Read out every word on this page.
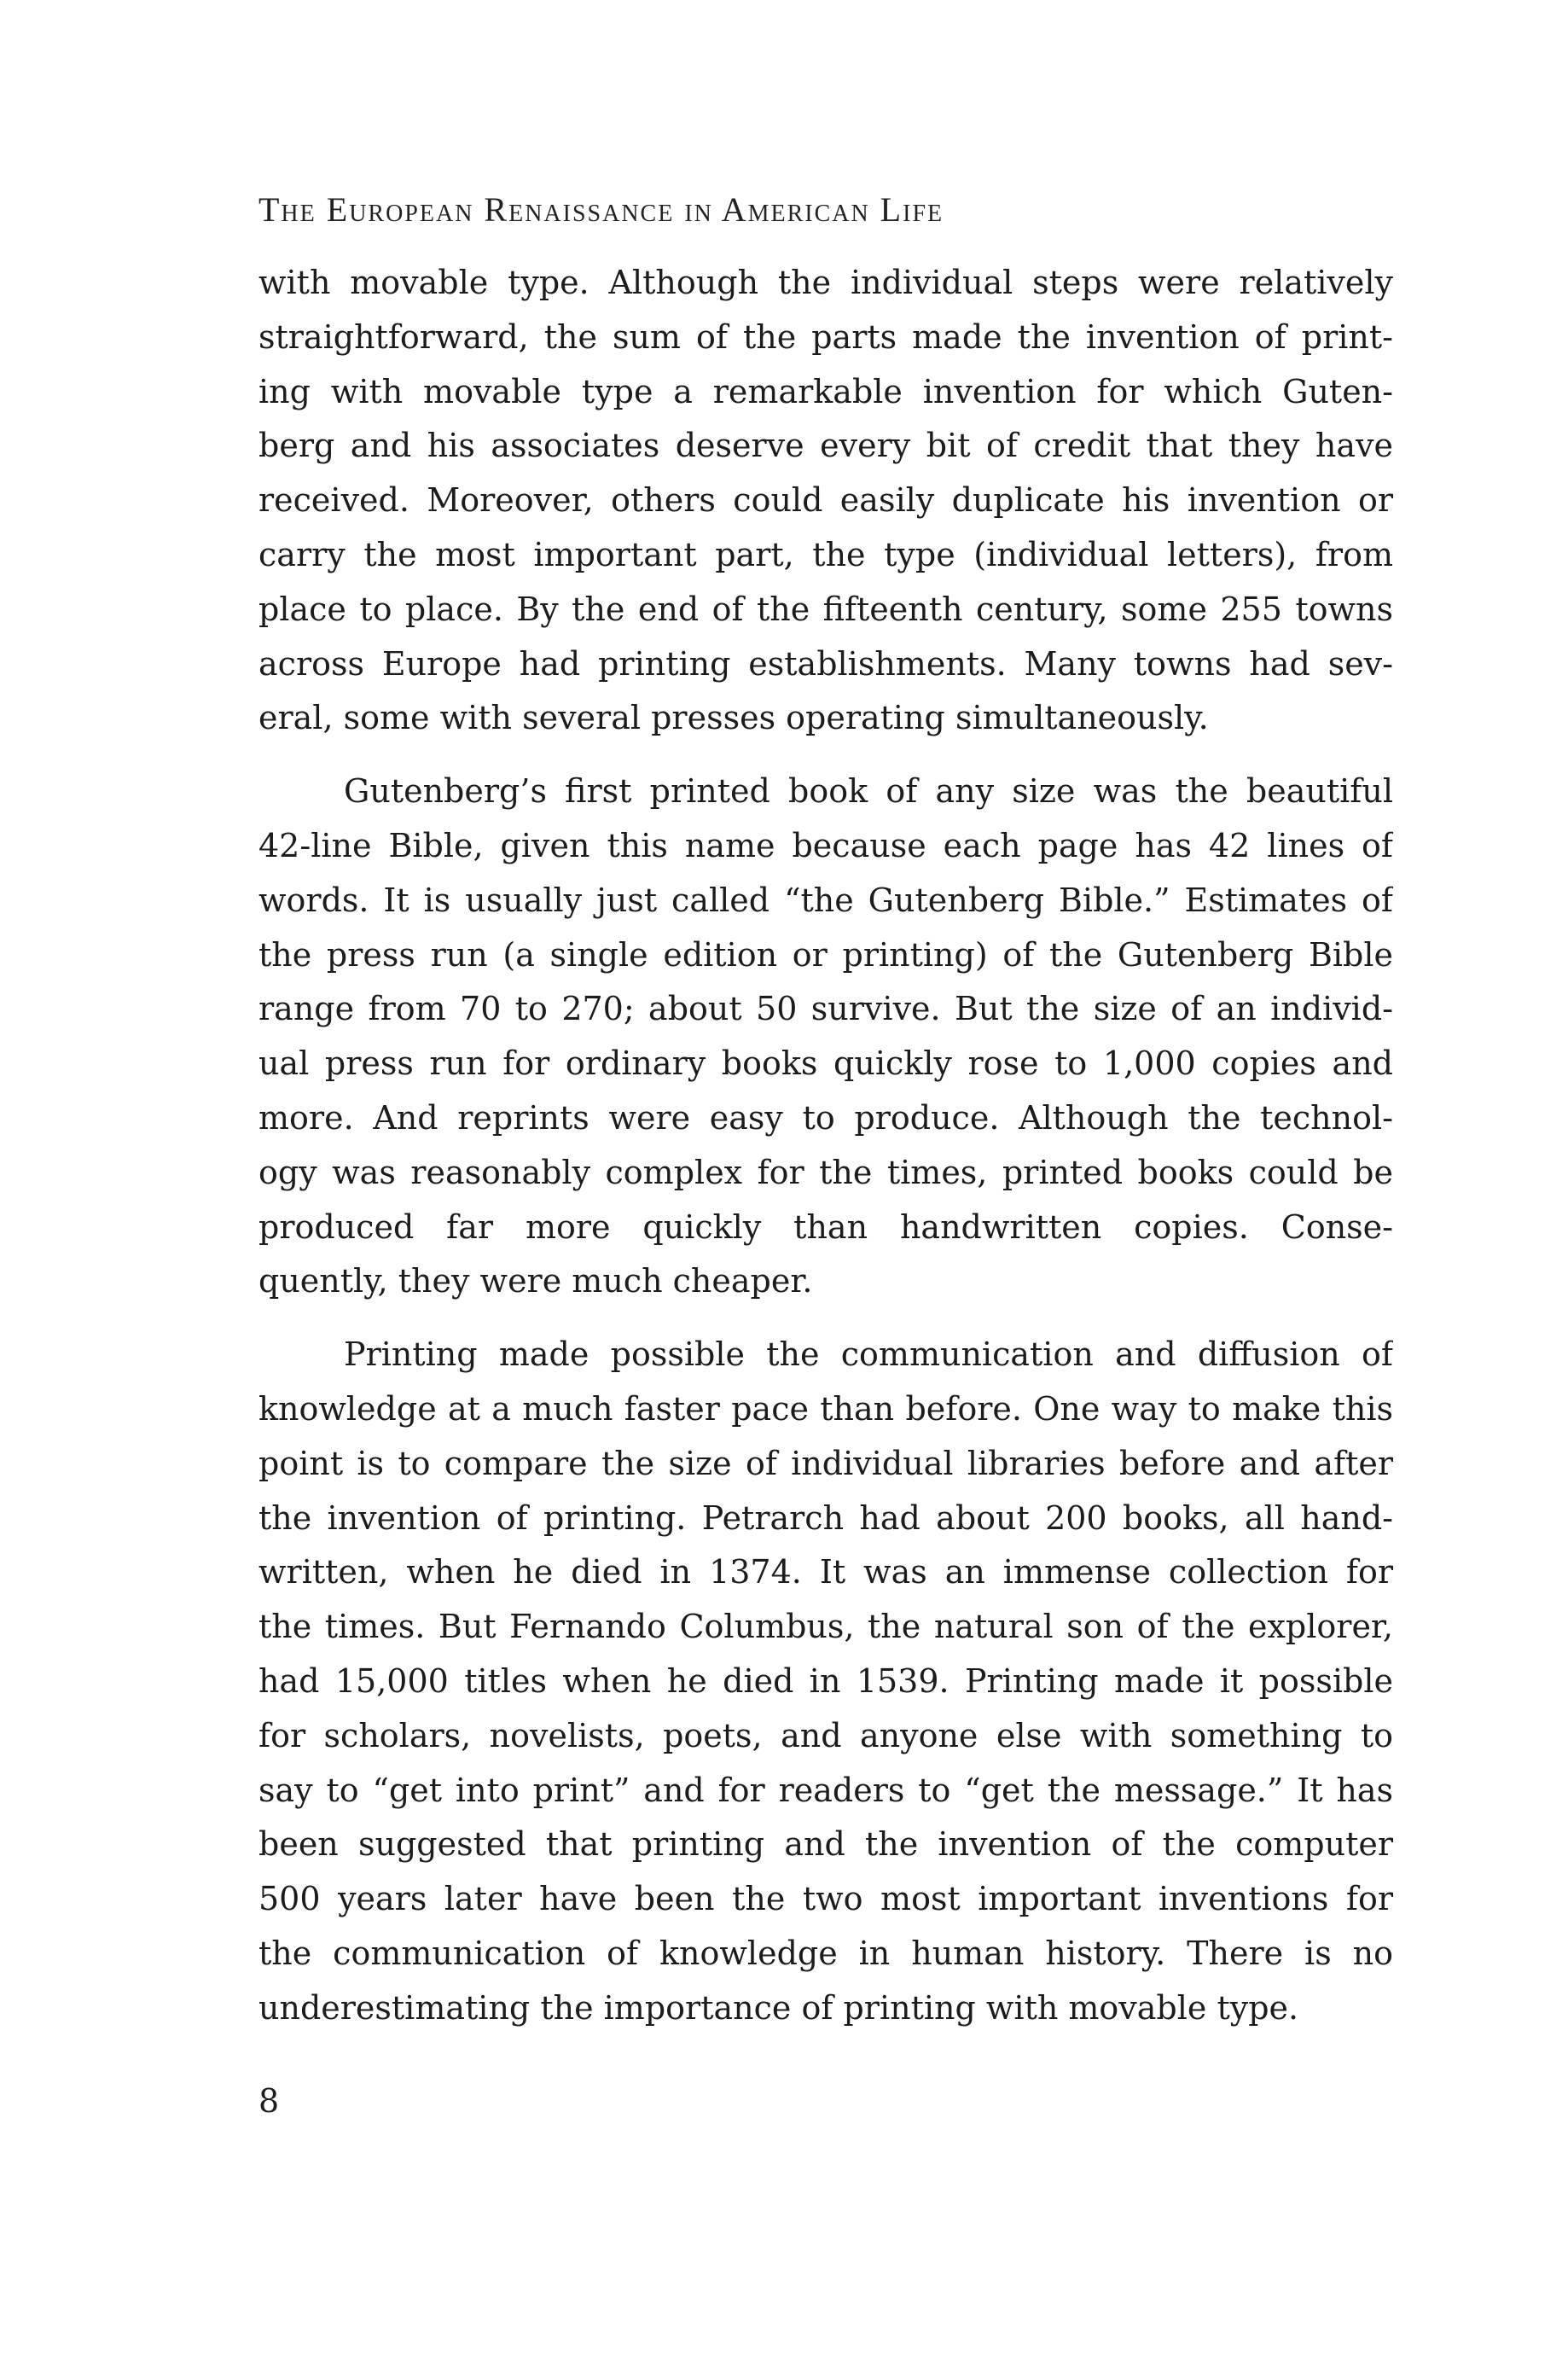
The European Renaissance in American Life
with movable type. Although the individual steps were relatively
straightforward, the sum of the parts made the invention of print-
ing with movable type a remarkable invention for which Guten-
berg and his associates deserve every bit of credit that they have
received. Moreover, others could easily duplicate his invention or
carry the most important part, the type (individual letters), from
place to place. By the end of the fifteenth century, some 255 towns
across Europe had printing establishments. Many towns had sev-
eral, some with several presses operating simultaneously.
Gutenberg’s first printed book of any size was the beautiful
42-line Bible, given this name because each page has 42 lines of
words. It is usually just called “the Gutenberg Bible.” Estimates of
the press run (a single edition or printing) of the Gutenberg Bible
range from 70 to 270; about 50 survive. But the size of an individ-
ual press run for ordinary books quickly rose to 1,000 copies and
more. And reprints were easy to produce. Although the technol-
ogy was reasonably complex for the times, printed books could be
produced far more quickly than handwritten copies. Conse-
quently, they were much cheaper.
Printing made possible the communication and diffusion of
knowledge at a much faster pace than before. One way to make this
point is to compare the size of individual libraries before and after
the invention of printing. Petrarch had about 200 books, all hand-
written, when he died in 1374. It was an immense collection for
the times. But Fernando Columbus, the natural son of the explorer,
had 15,000 titles when he died in 1539. Printing made it possible
for scholars, novelists, poets, and anyone else with something to
say to “get into print” and for readers to “get the message.” It has
been suggested that printing and the invention of the computer
500 years later have been the two most important inventions for
the communication of knowledge in human history. There is no
underestimating the importance of printing with movable type.
8
